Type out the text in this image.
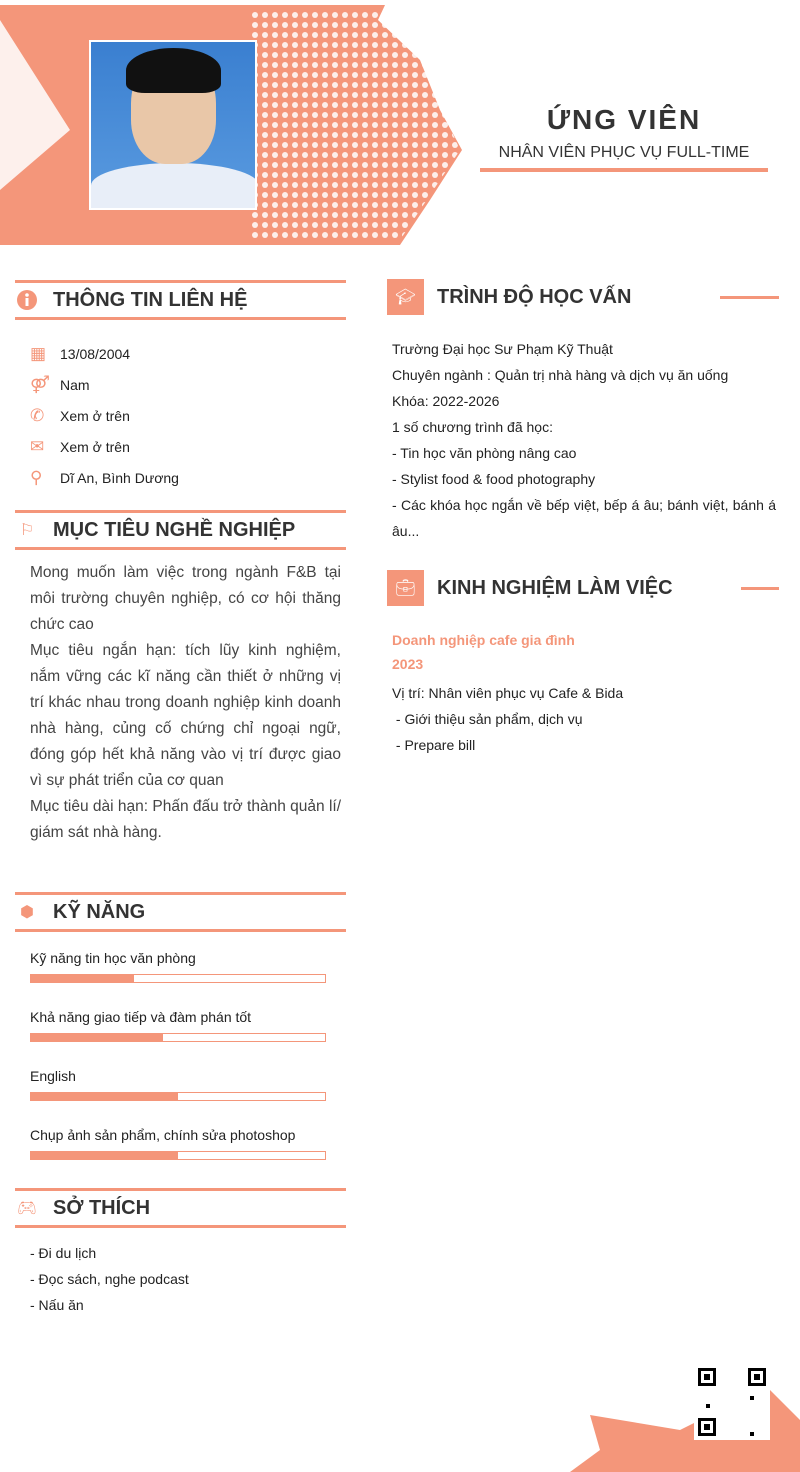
ỨNG VIÊN
NHÂN VIÊN PHỤC VỤ FULL-TIME
THÔNG TIN LIÊN HỆ
▦ 13/08/2004
⚤ Nam
✆	Xem ở trên
✉	Xem ở trên
⚲	Dĩ An, Bình Dương
⚐ MỤC TIÊU NGHỀ NGHIỆP

Mong muốn làm việc trong ngành F&B tại môi trường chuyên nghiệp, có cơ hội thăng chức cao

Mục tiêu ngắn hạn: tích lũy kinh nghiệm, nắm vững các kĩ năng cần thiết ở những vị trí khác nhau trong doanh nghiệp kinh doanh nhà hàng, củng cố chứng chỉ ngoại ngữ, đóng góp hết khả năng vào vị trí được giao vì sự phát triển của cơ quan

Mục tiêu dài hạn: Phấn đấu trở thành quản lí/ giám sát nhà hàng.

⬢ KỸ NĂNG
Kỹ năng tin học văn phòng
Khả năng giao tiếp và đàm phán tốt
English
Chụp ảnh sản phẩm, chính sửa photoshop
🎮︎ SỞ THÍCH
- Đi du lịch
- Đọc sách, nghe podcast
- Nấu ăn
🎓︎	TRÌNH ĐỘ HỌC VẤN
Trường Đại học Sư Phạm Kỹ Thuật
Chuyên ngành : Quản trị nhà hàng và dịch vụ ăn uống
Khóa: 2022-2026
1 số chương trình đã học:
- Tin học văn phòng nâng cao
- Stylist food & food photography
- Các khóa học ngắn về bếp việt, bếp á âu; bánh việt, bánh á âu...
💼︎	KINH NGHIỆM LÀM VIỆC
Doanh nghiệp cafe gia đình
2023
Vị trí: Nhân viên phục vụ Cafe & Bida
- Giới thiệu sản phẩm, dịch vụ
- Prepare bill
